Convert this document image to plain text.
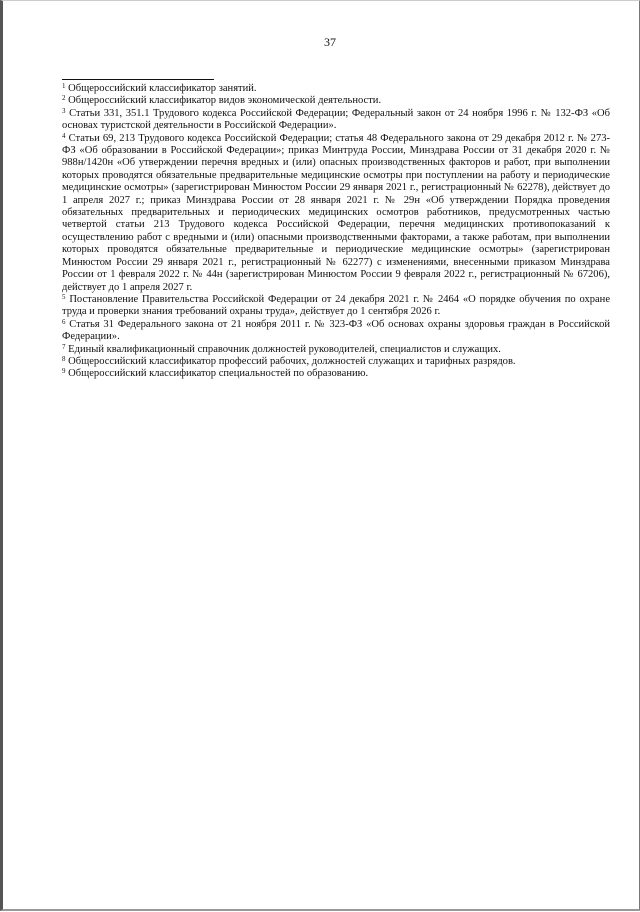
37

$^1$ Общероссийский классификатор занятий.

$^2$ Общероссийский классификатор видов экономической деятельности.

$^3$ Статьи 331, 351.1 Трудового кодекса Российской Федерации; Федеральный закон от 24 ноября 1996 г. № 132-ФЗ «Об основах туристской деятельности в Российской Федерации».

$^4$ Статьи 69, 213 Трудового кодекса Российской Федерации; статья 48 Федерального закона от 29 декабря 2012 г. № 273-ФЗ «Об образовании в Российской Федерации»; приказ Минтруда России, Минздрава России от 31 декабря 2020 г. № 988н/1420н «Об утверждении перечня вредных и (или) опасных производственных факторов и работ, при выполнении которых проводятся обязательные предварительные медицинские осмотры при поступлении на работу и периодические медицинские осмотры» (зарегистрирован Минюстом России 29 января 2021 г., регистрационный № 62278), действует до 1 апреля 2027 г.; приказ Минздрава России от 28 января 2021 г. № 29н «Об утверждении Порядка проведения обязательных предварительных и периодических медицинских осмотров работников, предусмотренных частью четвертой статьи 213 Трудового кодекса Российской Федерации, перечня медицинских противопоказаний к осуществлению работ с вредными и (или) опасными производственными факторами, а также работам, при выполнении которых проводятся обязательные предварительные и периодические медицинские осмотры» (зарегистрирован Минюстом России 29 января 2021 г., регистрационный № 62277) с изменениями, внесенными приказом Минздрава России от 1 февраля 2022 г. № 44н (зарегистрирован Минюстом России 9 февраля 2022 г., регистрационный № 67206), действует до 1 апреля 2027 г.

$^5$ Постановление Правительства Российской Федерации от 24 декабря 2021 г. № 2464 «О порядке обучения по охране труда и проверки знания требований охраны труда», действует до 1 сентября 2026 г.

$^6$ Статья 31 Федерального закона от 21 ноября 2011 г. № 323-ФЗ «Об основах охраны здоровья граждан в Российской Федерации».

$^7$ Единый квалификационный справочник должностей руководителей, специалистов и служащих.

$^8$ Общероссийский классификатор профессий рабочих, должностей служащих и тарифных разрядов.

$^9$ Общероссийский классификатор специальностей по образованию.
